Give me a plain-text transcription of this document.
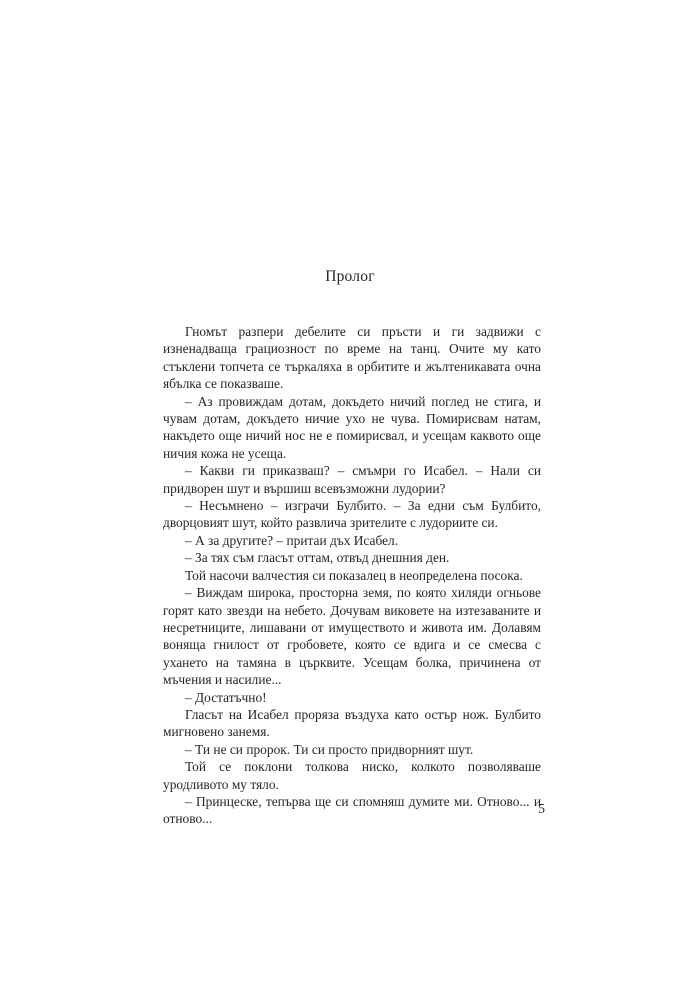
Пролог

Гномът разпери дебелите си пръсти и ги задвижи с изненадваща грациозност по време на танц. Очите му като стъклени топчета се търкаляха в орбитите и жълтеникавата очна ябълка се показваше.

– Аз провиждам дотам, докъдето ничий поглед не стига, и чувам дотам, докъдето ничие ухо не чува. Помирисвам натам, накъдето още ничий нос не е помирисвал, и усещам каквото още ничия кожа не усеща.

– Какви ги приказваш? – смъмри го Исабел. – Нали си придворен шут и вършиш всевъзможни лудории?

– Несъмнено – изграчи Булбито. – За едни съм Булбито, дворцовият шут, който развлича зрителите с лудориите си.

– А за другите? – притаи дъх Исабел.

– За тях съм гласът оттам, отвъд днешния ден.

Той насочи валчестия си показалец в неопределена посока.

– Виждам широка, просторна земя, по която хиляди огньове горят като звезди на небето. Дочувам виковете на изтезаваните и несретниците, лишавани от имуществото и живота им. Долавям воняща гнилост от гробовете, която се вдига и се смесва с ухането на тамяна в църквите. Усещам болка, причинена от мъчения и насилие...

– Достатъчно!

Гласът на Исабел проряза въздуха като остър нож. Булбито мигновено занемя.

– Ти не си пророк. Ти си просто придворният шут.

Той се поклони толкова ниско, колкото позволяваше уродливото му тяло.

– Принцеске, тепърва ще си спомняш думите ми. Отново... и отново...

5
